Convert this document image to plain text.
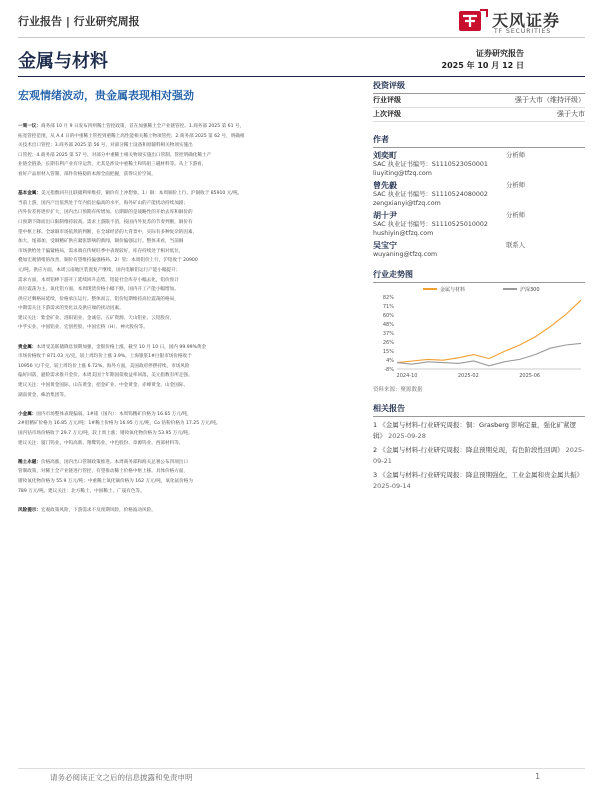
行业报告 | 行业研究周报	天风证券
TF SECURITIES
金属与材料	证券研究报告
2025 年 10 月 12 日
宏观情绪波动，贵金属表现相对强劲
一周一议：商务部 10 月 9 日发布四则稀土管控政策，首在加强稀土全产业链管控。1.商务部 2025 第 61 号，
拓宽管控范围，从 A.4 日的中重稀土管控到重稀土高性能相关稀土物项管控；2.商务部 2025 第 62 号，明确相
关技术出口管控；3.商务部 2025 第 56 号，对部分稀土设备和原辅料相关物项实施出
口管控；4.商务部 2025 第 57 号，对部分中重稀土相关物项实施出口管制。管控明确化稀土产
业链全链条，长期有利产业有序运营，尤其是涉及中重稀土和钨钼三磁材料等。从上下游看，
看好产品原材入管制，部件价格稳的本源全面把握，获得议价空间。
基本金属：美元指数回升且联储利率维持，铜价有上冲想象。1）铜：本周铜价上行，沪铜收于 85910 元/吨。
当前上游，国内产出依然处于年内低位偏高的水平，海外矿山的产能扰动持续加剧；
内外价差将逐步扩大，国内出口预期有所增加。后期即的是战略性的开始去库和铜价的
口预期下降而出口限制维持较高。需求上游限不消，按国内外复苏的节奏判断，铜价有
望中枢上移。全球铜市场依然的判断，在全球经济的大背景中，实际有多种复杂的因素，
加大，尾部加，受铜精矿供应紧张影响的新闻，铜价偏强运行。整体来看，当前铜
市场供给处于偏紧格局，需求端在传统旺季中表现较好，库存持续处于相对低位，
叠加宏观情绪的改善，铜价有望维持偏强格局。2）铝：本周铝价上行，沪铝收于 20900
元/吨。供应方面，本周云南地区装置复产继续，国内电解铝运行产能小幅提升；
需求方面，本周铝棒下游开工延续回升态势，铝锭社会库存小幅去化，铝价预计
高位震荡为主。氧化铝方面，本周现货价格小幅下跌，国内开工产能小幅增加。
供应过剩格局延续，价格承压运行。整体而言，铝价短期维持高位震荡的格局，
中期需关注下游需求的变化以及供应端的扰动因素。
建议关注：紫金矿业、洛阳钼业、金诚信、五矿资源、天山铝业、云铝股份、
中孚实业、中国铝业、宏创控股、中国宏桥（H）、神火股份等。
贵金属：本周受美联储降息预期加强，金银价格上涨。截至 10 月 10 日，国内 99.99%黄金
市场价格收于 871.03 元/克，较上周均价上涨 3.9%，上海银浆1#白银市场价格收于
10956 元/千克，较上周均价上涨 6.72%。海外方面，美国政府停摆持续，市场风险
偏好回落，避险需求推升金价。本周美国十年期国债收益率回落，美元指数有所走强。
建议关注：中国黄金国际、山东黄金、招金矿业、中金黄金、赤峰黄金、山金国际、
湖南黄金、株冶集团等。
小金属：国内市场整体表现偏弱。1#锗（国内）：本周钨精矿价格为 16.65 万元/吨，
2#钼精矿价格为 16.85 万元/吨；1#稀土价格为 16.95 万元/吨，Co 钴粉价格为 17.25 万元/吨。
国内钴市场价格收于 29.7 万元/吨，较上周上涨；镨钕氧化物价格为 53.95 万元/吨。
建议关注：厦门钨业、中钨高新、翔鹭钨业、中色股份、章源钨业、西部材料等。
稀土永磁：价格高涨，国内出口管制政策推进。本周商务部和海关总署公布四项出口
管制政策，对稀土全产业链进行管控，有望推动稀土价格中枢上移。具体价格方面，
镨钕氧化物价格为 55.9 万元/吨；中重稀土氧化镝价格为 162 万元/吨，氧化铽价格为
789 万元/吨。建议关注：北方稀土、中国稀土、广晟有色等。
风险提示：宏观政策风险，下游需求不及预期风险，价格波动风险。
投资评级
行业评级	强于大市（维持评级）
上次评级	强于大市
作者
刘奕町	分析师
SAC 执业证书编号：S1110523050001
liuyiting@tfzq.com
曾先毅	分析师
SAC 执业证书编号：S1110524080002
zengxianyi@tfzq.com
胡十尹	分析师
SAC 执业证书编号：S1110525010002
hushiyin@tfzq.com
吴宝宁	联系人
wuyaning@tfzq.com
行业走势图
金属与材料	沪深300
82%
71%
60%
48%
37%
26%
15%
4%
-8%
2024-10	2025-02	2025-06
资料来源：聚源数据
相关报告
1 《金属与材料-行业研究周报：铜：Grasberg 影响定量，强化矿紧逻辑》 2025-09-28
2 《金属与材料-行业研究周报：降息预期兑现，有色阶段性回调》 2025-09-21
3 《金属与材料-行业研究周报：降息预期强化，工业金属和贵金属共振》 2025-09-14
请务必阅读正文之后的信息披露和免责申明	1
